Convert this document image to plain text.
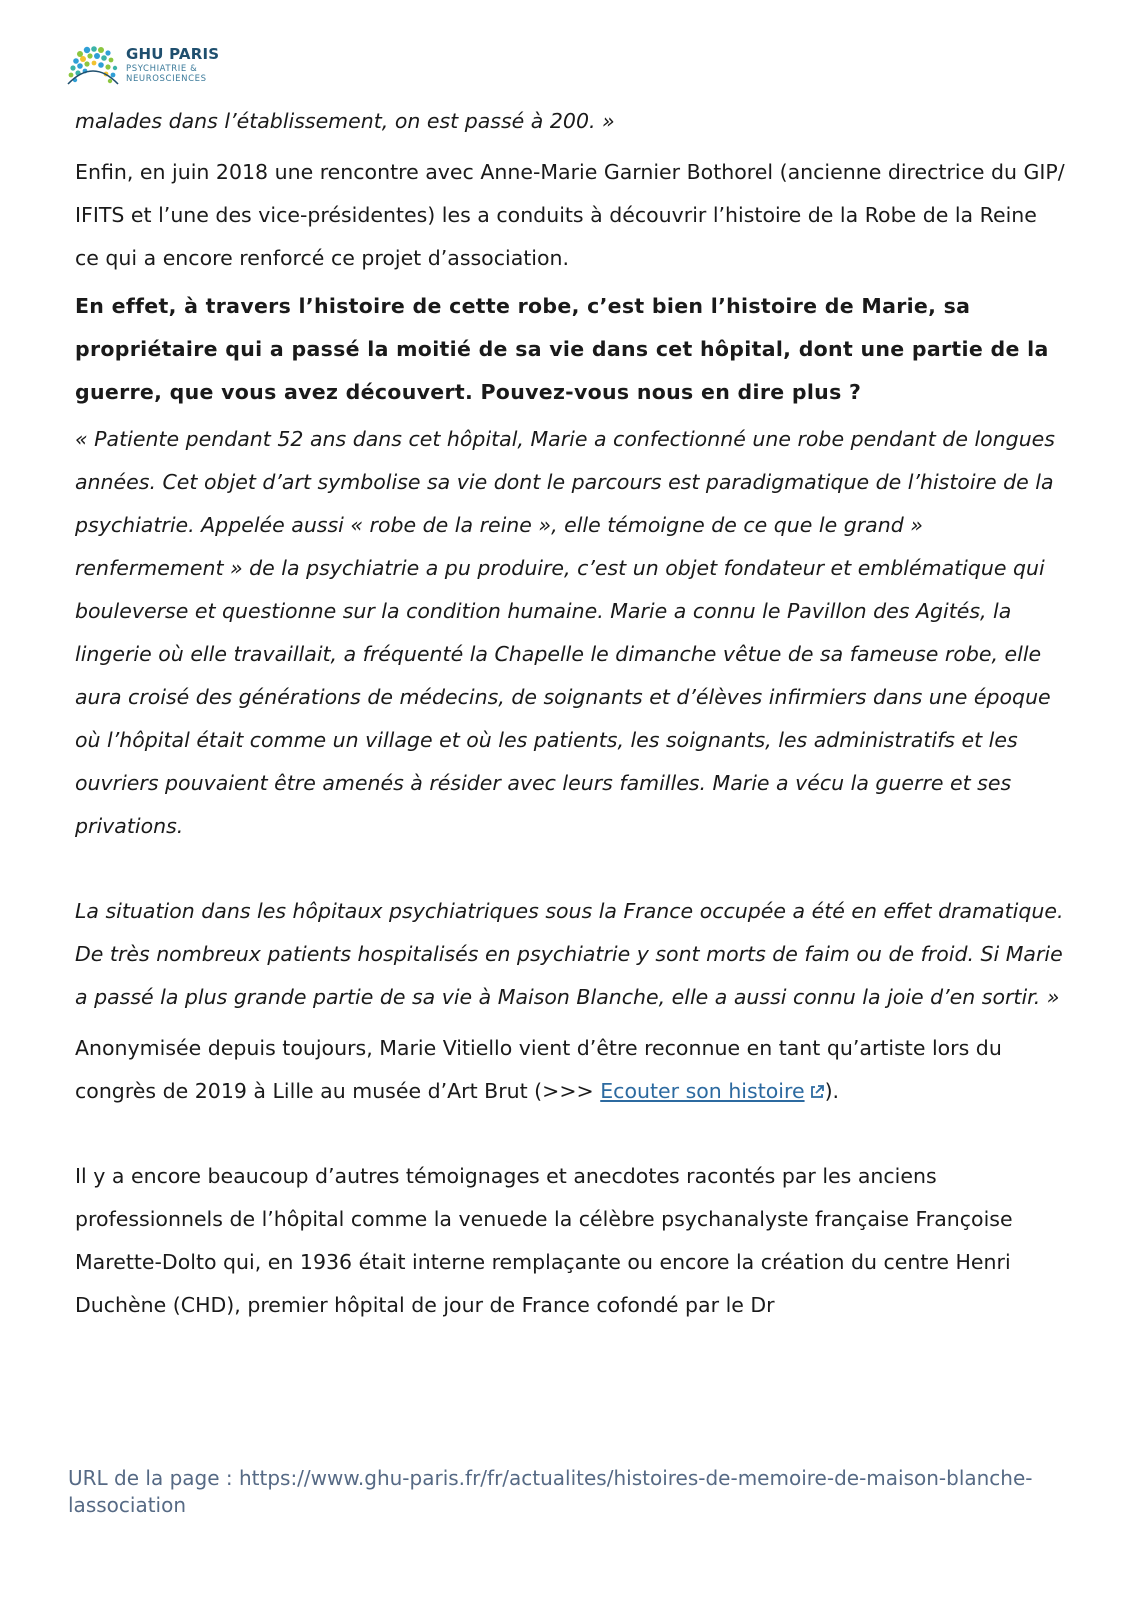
GHU PARIS
PSYCHIATRIE &
NEUROSCIENCES

malades dans l’établissement, on est passé à 200. »

Enfin, en juin 2018 une rencontre avec Anne-Marie Garnier Bothorel (ancienne directrice du GIP/ IFITS et l’une des vice-présidentes) les a conduits à découvrir l’histoire de la Robe de la Reine ce qui a encore renforcé ce projet d’association.

En effet, à travers l’histoire de cette robe, c’est bien l’histoire de Marie, sa propriétaire qui a passé la moitié de sa vie dans cet hôpital, dont une partie de la guerre, que vous avez découvert. Pouvez-vous nous en dire plus ?

« Patiente pendant 52 ans dans cet hôpital, Marie a confectionné une robe pendant de longues années. Cet objet d’art symbolise sa vie dont le parcours est paradigmatique de l’histoire de la psychiatrie. Appelée aussi « robe de la reine », elle témoigne de ce que le grand » renfermement » de la psychiatrie a pu produire, c’est un objet fondateur et emblématique qui bouleverse et questionne sur la condition humaine. Marie a connu le Pavillon des Agités, la lingerie où elle travaillait, a fréquenté la Chapelle le dimanche vêtue de sa fameuse robe, elle aura croisé des générations de médecins, de soignants et d’élèves infirmiers dans une époque où l’hôpital était comme un village et où les patients, les soignants, les administratifs et les ouvriers pouvaient être amenés à résider avec leurs familles. Marie a vécu la guerre et ses privations.

La situation dans les hôpitaux psychiatriques sous la France occupée a été en effet dramatique. De très nombreux patients hospitalisés en psychiatrie y sont morts de faim ou de froid. Si Marie a passé la plus grande partie de sa vie à Maison Blanche, elle a aussi connu la joie d’en sortir. »

Anonymisée depuis toujours, Marie Vitiello vient d’être reconnue en tant qu’artiste lors du congrès de 2019 à Lille au musée d’Art Brut (>>> Ecouter son histoire ).

Il y a encore beaucoup d’autres témoignages et anecdotes racontés par les anciens professionnels de l’hôpital comme la venuede la célèbre psychanalyste française Françoise Marette-Dolto qui, en 1936 était interne remplaçante ou encore la création du centre Henri Duchène (CHD), premier hôpital de jour de France cofondé par le Dr

URL de la page : https://www.ghu-paris.fr/fr/actualites/histoires-de-memoire-de-maison-blanche-lassociation
